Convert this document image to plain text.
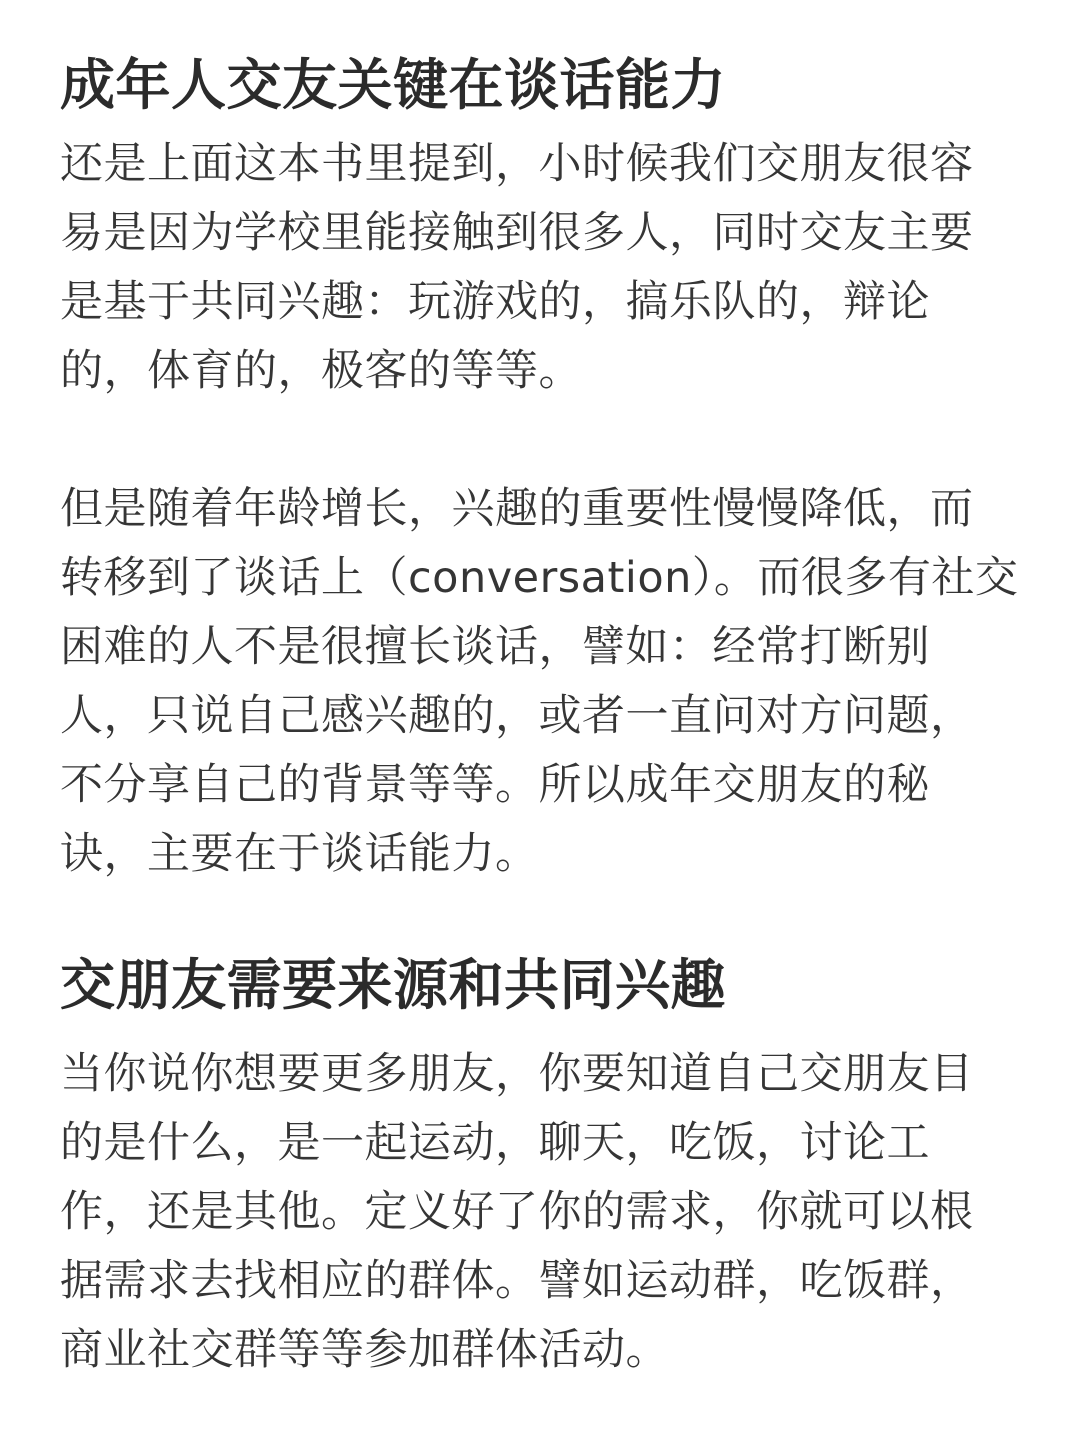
成年人交友关键在谈话能力
还是上面这本书里提到，小时候我们交朋友很容
易是因为学校里能接触到很多人，同时交友主要
是基于共同兴趣：玩游戏的，搞乐队的，辩论
的，体育的，极客的等等。
但是随着年龄增长，兴趣的重要性慢慢降低，而
转移到了谈话上（conversation）。而很多有社交
困难的人不是很擅长谈话，譬如：经常打断别
人，只说自己感兴趣的，或者一直问对方问题，
不分享自己的背景等等。所以成年交朋友的秘
诀，主要在于谈话能力。
交朋友需要来源和共同兴趣
当你说你想要更多朋友，你要知道自己交朋友目
的是什么，是一起运动，聊天，吃饭，讨论工
作，还是其他。定义好了你的需求，你就可以根
据需求去找相应的群体。譬如运动群，吃饭群，
商业社交群等等参加群体活动。
